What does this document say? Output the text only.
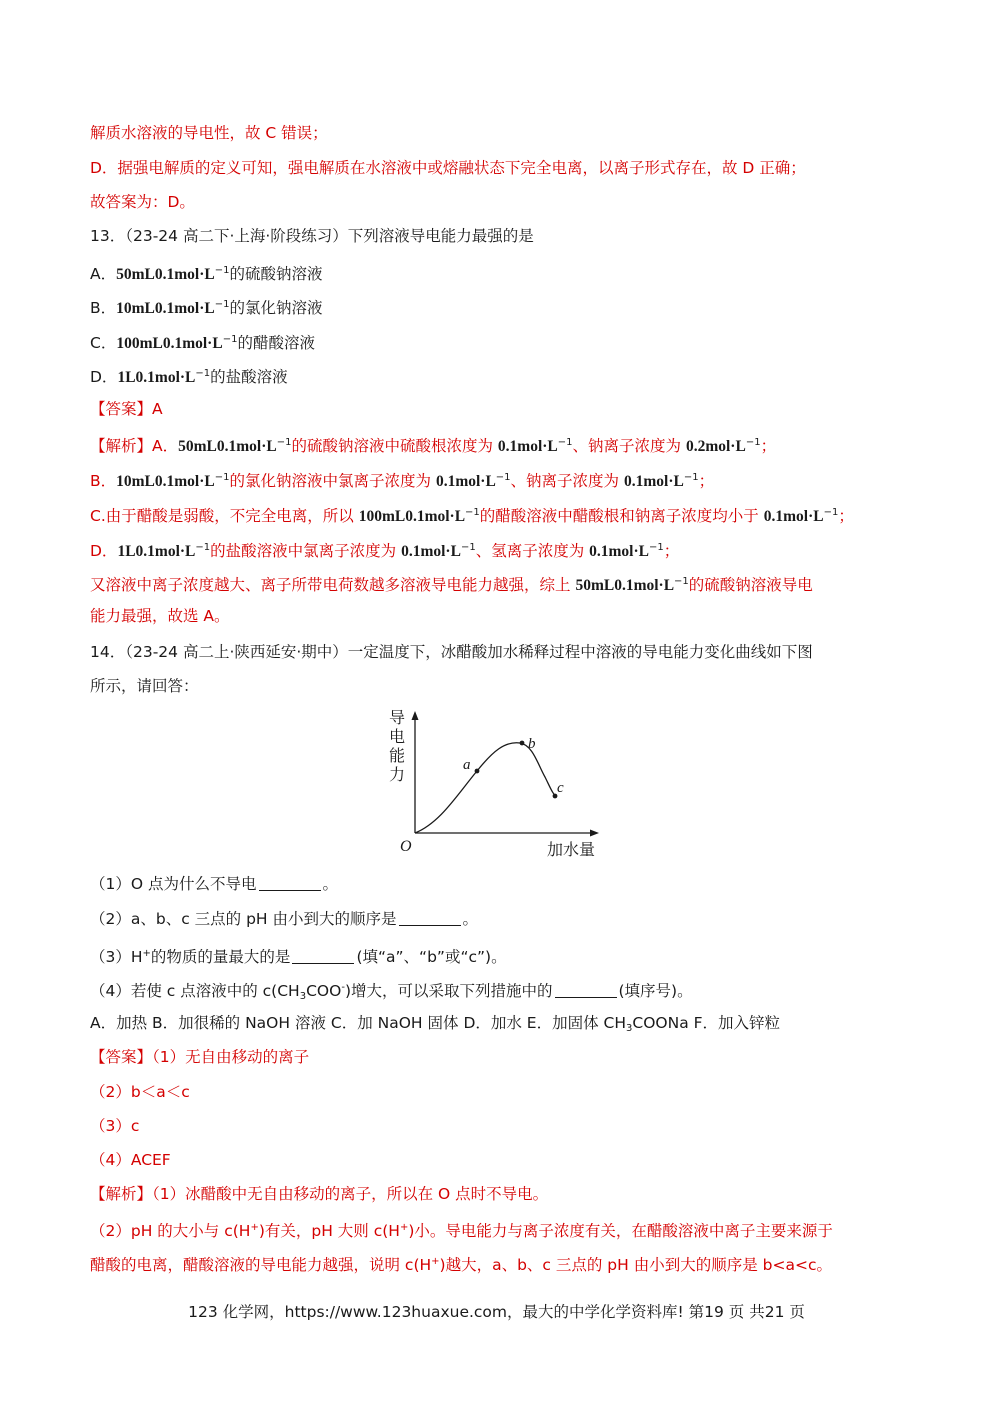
解质水溶液的导电性，故 C 错误；
D．据强电解质的定义可知，强电解质在水溶液中或熔融状态下完全电离，以离子形式存在，故 D 正确；
故答案为：D。
13．（23-24 高二下·上海·阶段练习）下列溶液导电能力最强的是
A．$50mL0.1mol\cdot L^{-1}$的硫酸钠溶液
B．$10mL0.1mol\cdot L^{-1}$的氯化钠溶液
C．$100mL0.1mol\cdot L^{-1}$的醋酸溶液
D．$1L0.1mol\cdot L^{-1}$的盐酸溶液
【答案】A
【解析】A．$50mL0.1mol\cdot L^{-1}$的硫酸钠溶液中硫酸根浓度为 $0.1mol\cdot L^{-1}$、钠离子浓度为 $0.2mol\cdot L^{-1}$；
B．$10mL0.1mol\cdot L^{-1}$的氯化钠溶液中氯离子浓度为 $0.1mol\cdot L^{-1}$、钠离子浓度为 $0.1mol\cdot L^{-1}$；
C.由于醋酸是弱酸，不完全电离，所以 $100mL0.1mol\cdot L^{-1}$的醋酸溶液中醋酸根和钠离子浓度均小于 $0.1mol\cdot L^{-1}$；
D．$1L0.1mol\cdot L^{-1}$的盐酸溶液中氯离子浓度为 $0.1mol\cdot L^{-1}$、氢离子浓度为 $0.1mol\cdot L^{-1}$；
又溶液中离子浓度越大、离子所带电荷数越多溶液导电能力越强，综上 $50mL0.1mol\cdot L^{-1}$的硫酸钠溶液导电
能力最强，故选 A。
14．（23-24 高二上·陕西延安·期中）一定温度下，冰醋酸加水稀释过程中溶液的导电能力变化曲线如下图
所示，请回答：
（1）O 点为什么不导电	。
（2）a、b、c 三点的 pH 由小到大的顺序是	。
（3）H+的物质的量最大的是	(填“a”、“b”或“c”)。
（4）若使 c 点溶液中的 $c(CH_3COO^-)$增大，可以采取下列措施中的	(填序号)。
A．加热 B．加很稀的 NaOH 溶液 C．加 NaOH 固体 D．加水 E．加固体 $CH_3COONa$ F．加入锌粒
【答案】（1）无自由移动的离子
（2）b＜a＜c
（3）c
（4）ACEF
【解析】（1）冰醋酸中无自由移动的离子，所以在 O 点时不导电。
（2）pH 的大小与 c(H+)有关，pH 大则 c(H+)小。导电能力与离子浓度有关，在醋酸溶液中离子主要来源于
醋酸的电离，醋酸溶液的导电能力越强，说明 c(H+)越大，a、b、c 三点的 pH 由小到大的顺序是 b<a<c。
a
b
c
O	加水量
导
电
能
力
123 化学网，https://www.123huaxue.com，最大的中学化学资料库! 第19 页 共21 页
